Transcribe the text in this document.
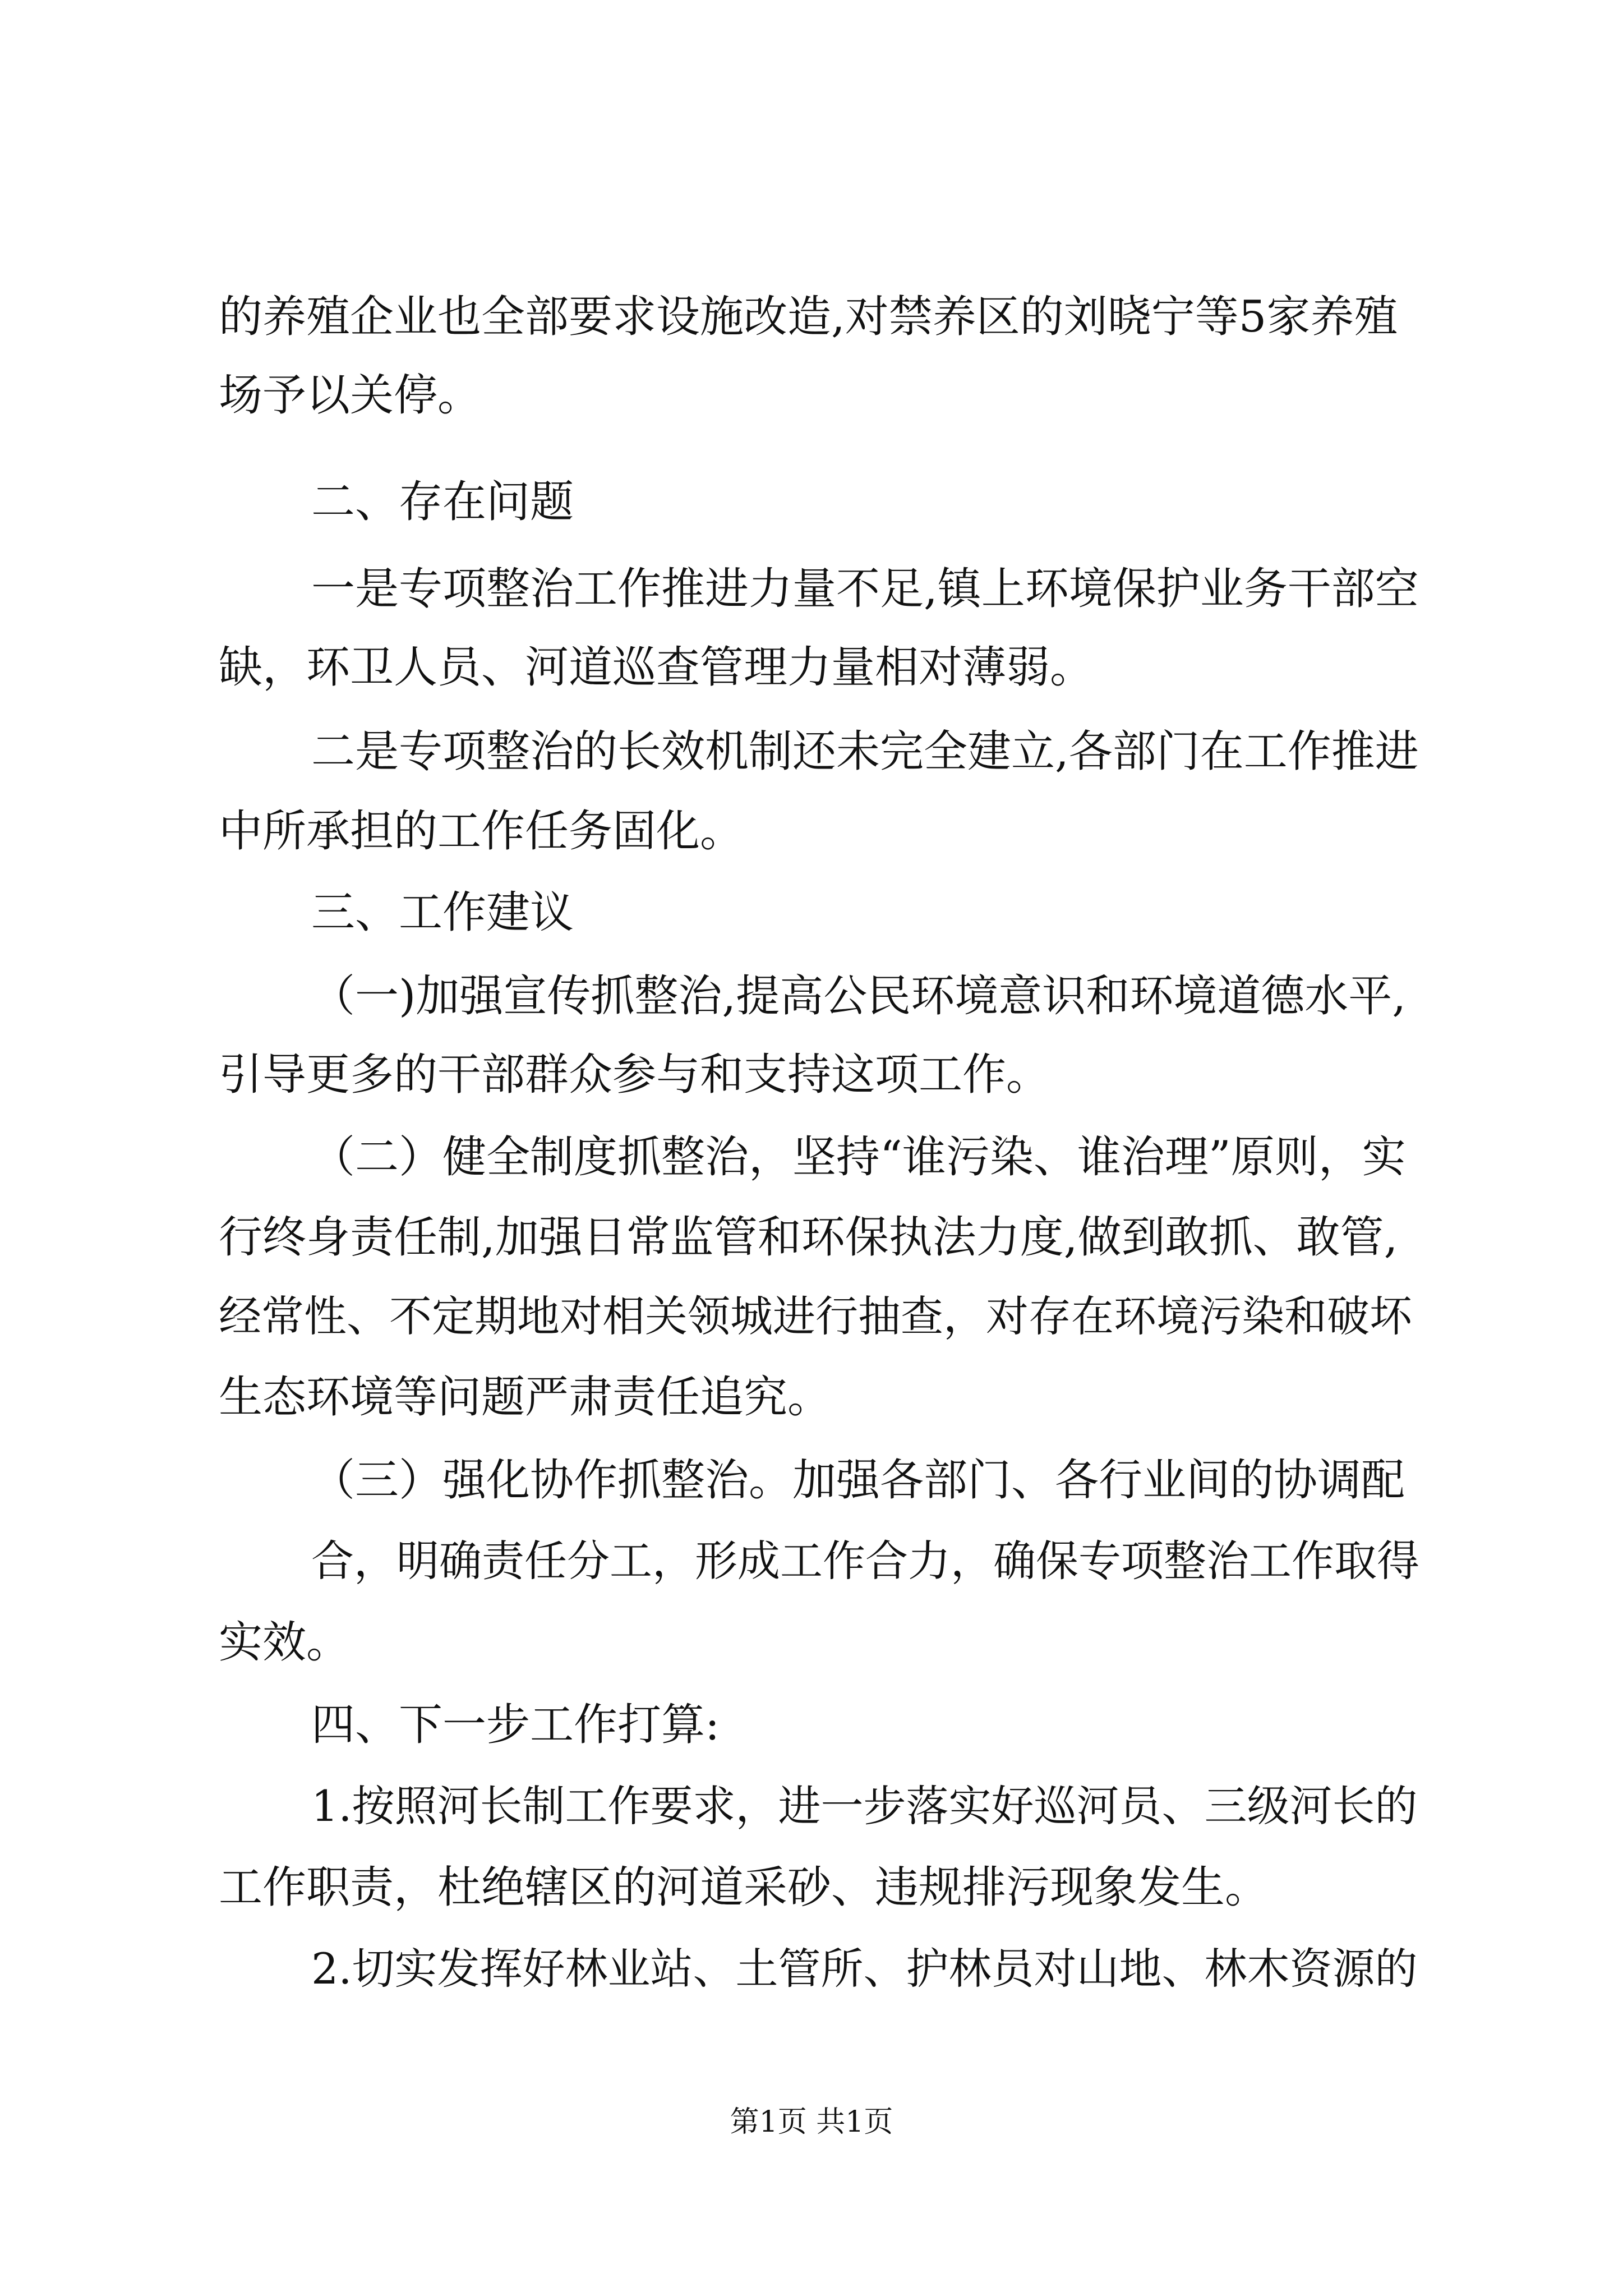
的养殖企业也全部要求设施改造,对禁养区的刘晓宁等5家养殖
场予以关停。
二、存在问题
一是专项整治工作推进力量不足,镇上环境保护业务干部空
缺，环卫人员、河道巡查管理力量相对薄弱。
二是专项整治的长效机制还未完全建立,各部门在工作推进
中所承担的工作任务固化。
三、工作建议
（一)加强宣传抓整治,提高公民环境意识和环境道德水平,
引导更多的干部群众参与和支持这项工作。
（二）健全制度抓整治，坚持“谁污染、谁治理”原则，实
行终身责任制,加强日常监管和环保执法力度,做到敢抓、敢管,
经常性、不定期地对相关领城进行抽查，对存在环境污染和破坏
生态环境等问题严肃责任追究。
（三）强化协作抓整治。加强各部门、各行业间的协调配
合，明确责任分工，形成工作合力，确保专项整治工作取得
实效。
四、下一步工作打算:
1.按照河长制工作要求，进一步落实好巡河员、三级河长的
工作职责，杜绝辖区的河道采砂、违规排污现象发生。
2.切实发挥好林业站、土管所、护林员对山地、林木资源的
第1页 共1页
